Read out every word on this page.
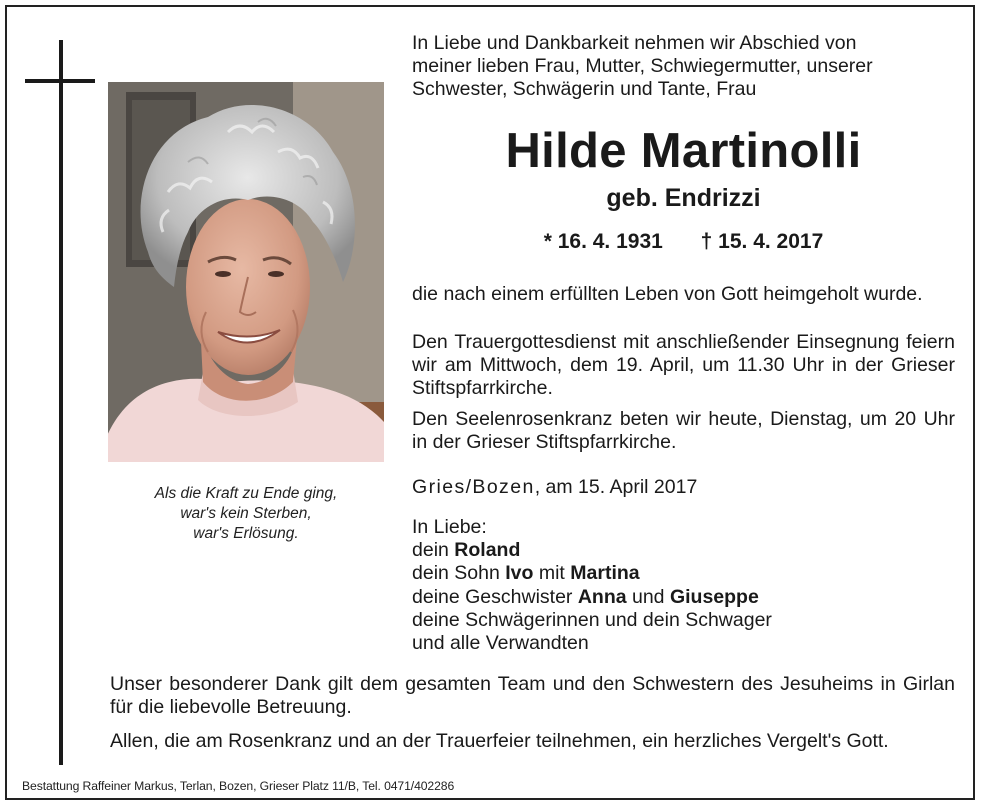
Als die Kraft zu Ende ging,
war's kein Sterben,
war's Erlösung.
In Liebe und Dankbarkeit nehmen wir Abschied von
meiner lieben Frau, Mutter, Schwiegermutter, unserer
Schwester, Schwägerin und Tante, Frau
Hilde Martinolli
geb. Endrizzi
* 16. 4. 1931 † 15. 4. 2017

die nach einem erfüllten Leben von Gott heimgeholt wurde.

Den Trauergottesdienst mit anschließender Einsegnung feiern wir am Mittwoch, dem 19. April, um 11.30 Uhr in der Grieser Stiftspfarrkirche.

Den Seelenrosenkranz beten wir heute, Dienstag, um 20 Uhr in der Grieser Stiftspfarrkirche.

Gries/Bozen, am 15. April 2017

In Liebe:
dein Roland
dein Sohn Ivo mit Martina
deine Geschwister Anna und Giuseppe
deine Schwägerinnen und dein Schwager
und alle Verwandten

Unser besonderer Dank gilt dem gesamten Team und den Schwestern des Jesuheims in Girlan für die liebevolle Betreuung.

Allen, die am Rosenkranz und an der Trauerfeier teilnehmen, ein herzliches Vergelt's Gott.

Bestattung Raffeiner Markus, Terlan, Bozen, Grieser Platz 11/B, Tel. 0471/402286
